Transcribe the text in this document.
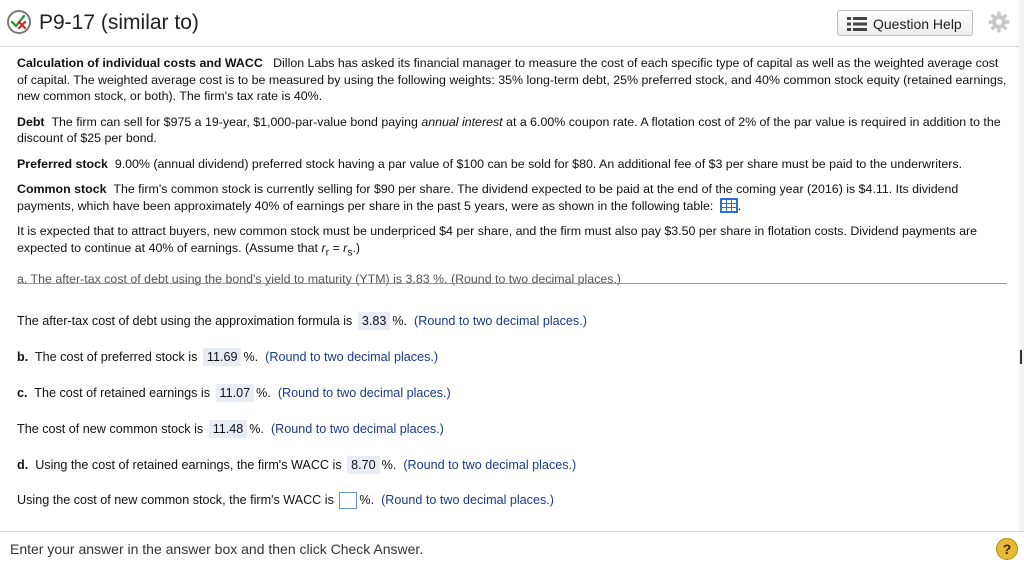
P9-17 (similar to)	Question Help

Calculation of individual costs and WACC Dillon Labs has asked its financial manager to measure the cost of each specific type of capital as well as the weighted average cost of capital. The weighted average cost is to be measured by using the following weights: 35% long-term debt, 25% preferred stock, and 40% common stock equity (retained earnings, new common stock, or both). The firm's tax rate is 40%.

Debt The firm can sell for $975 a 19-year, $1,000-par-value bond paying annual interest at a 6.00% coupon rate. A flotation cost of 2% of the par value is required in addition to the discount of $25 per bond.

Preferred stock 9.00% (annual dividend) preferred stock having a par value of $100 can be sold for $80. An additional fee of $3 per share must be paid to the underwriters.

Common stock The firm's common stock is currently selling for $90 per share. The dividend expected to be paid at the end of the coming year (2016) is $4.11. Its dividend payments, which have been approximately 40% of earnings per share in the past 5 years, were as shown in the following table: .

It is expected that to attract buyers, new common stock must be underpriced $4 per share, and the firm must also pay $3.50 per share in flotation costs. Dividend payments are expected to continue at 40% of earnings. (Assume that $r_r = r_s$.)

a. The after-tax cost of debt using the bond's yield to maturity (YTM) is 3.83 %. (Round to two decimal places.)
The after-tax cost of debt using the approximation formula is 3.83 %. (Round to two decimal places.)
b. The cost of preferred stock is 11.69 %. (Round to two decimal places.)
c. The cost of retained earnings is 11.07 %. (Round to two decimal places.)
The cost of new common stock is 11.48 %. (Round to two decimal places.)
d. Using the cost of retained earnings, the firm's WACC is 8.70 %. (Round to two decimal places.)
Using the cost of new common stock, the firm's WACC is %. (Round to two decimal places.)
Enter your answer in the answer box and then click Check Answer.	?
